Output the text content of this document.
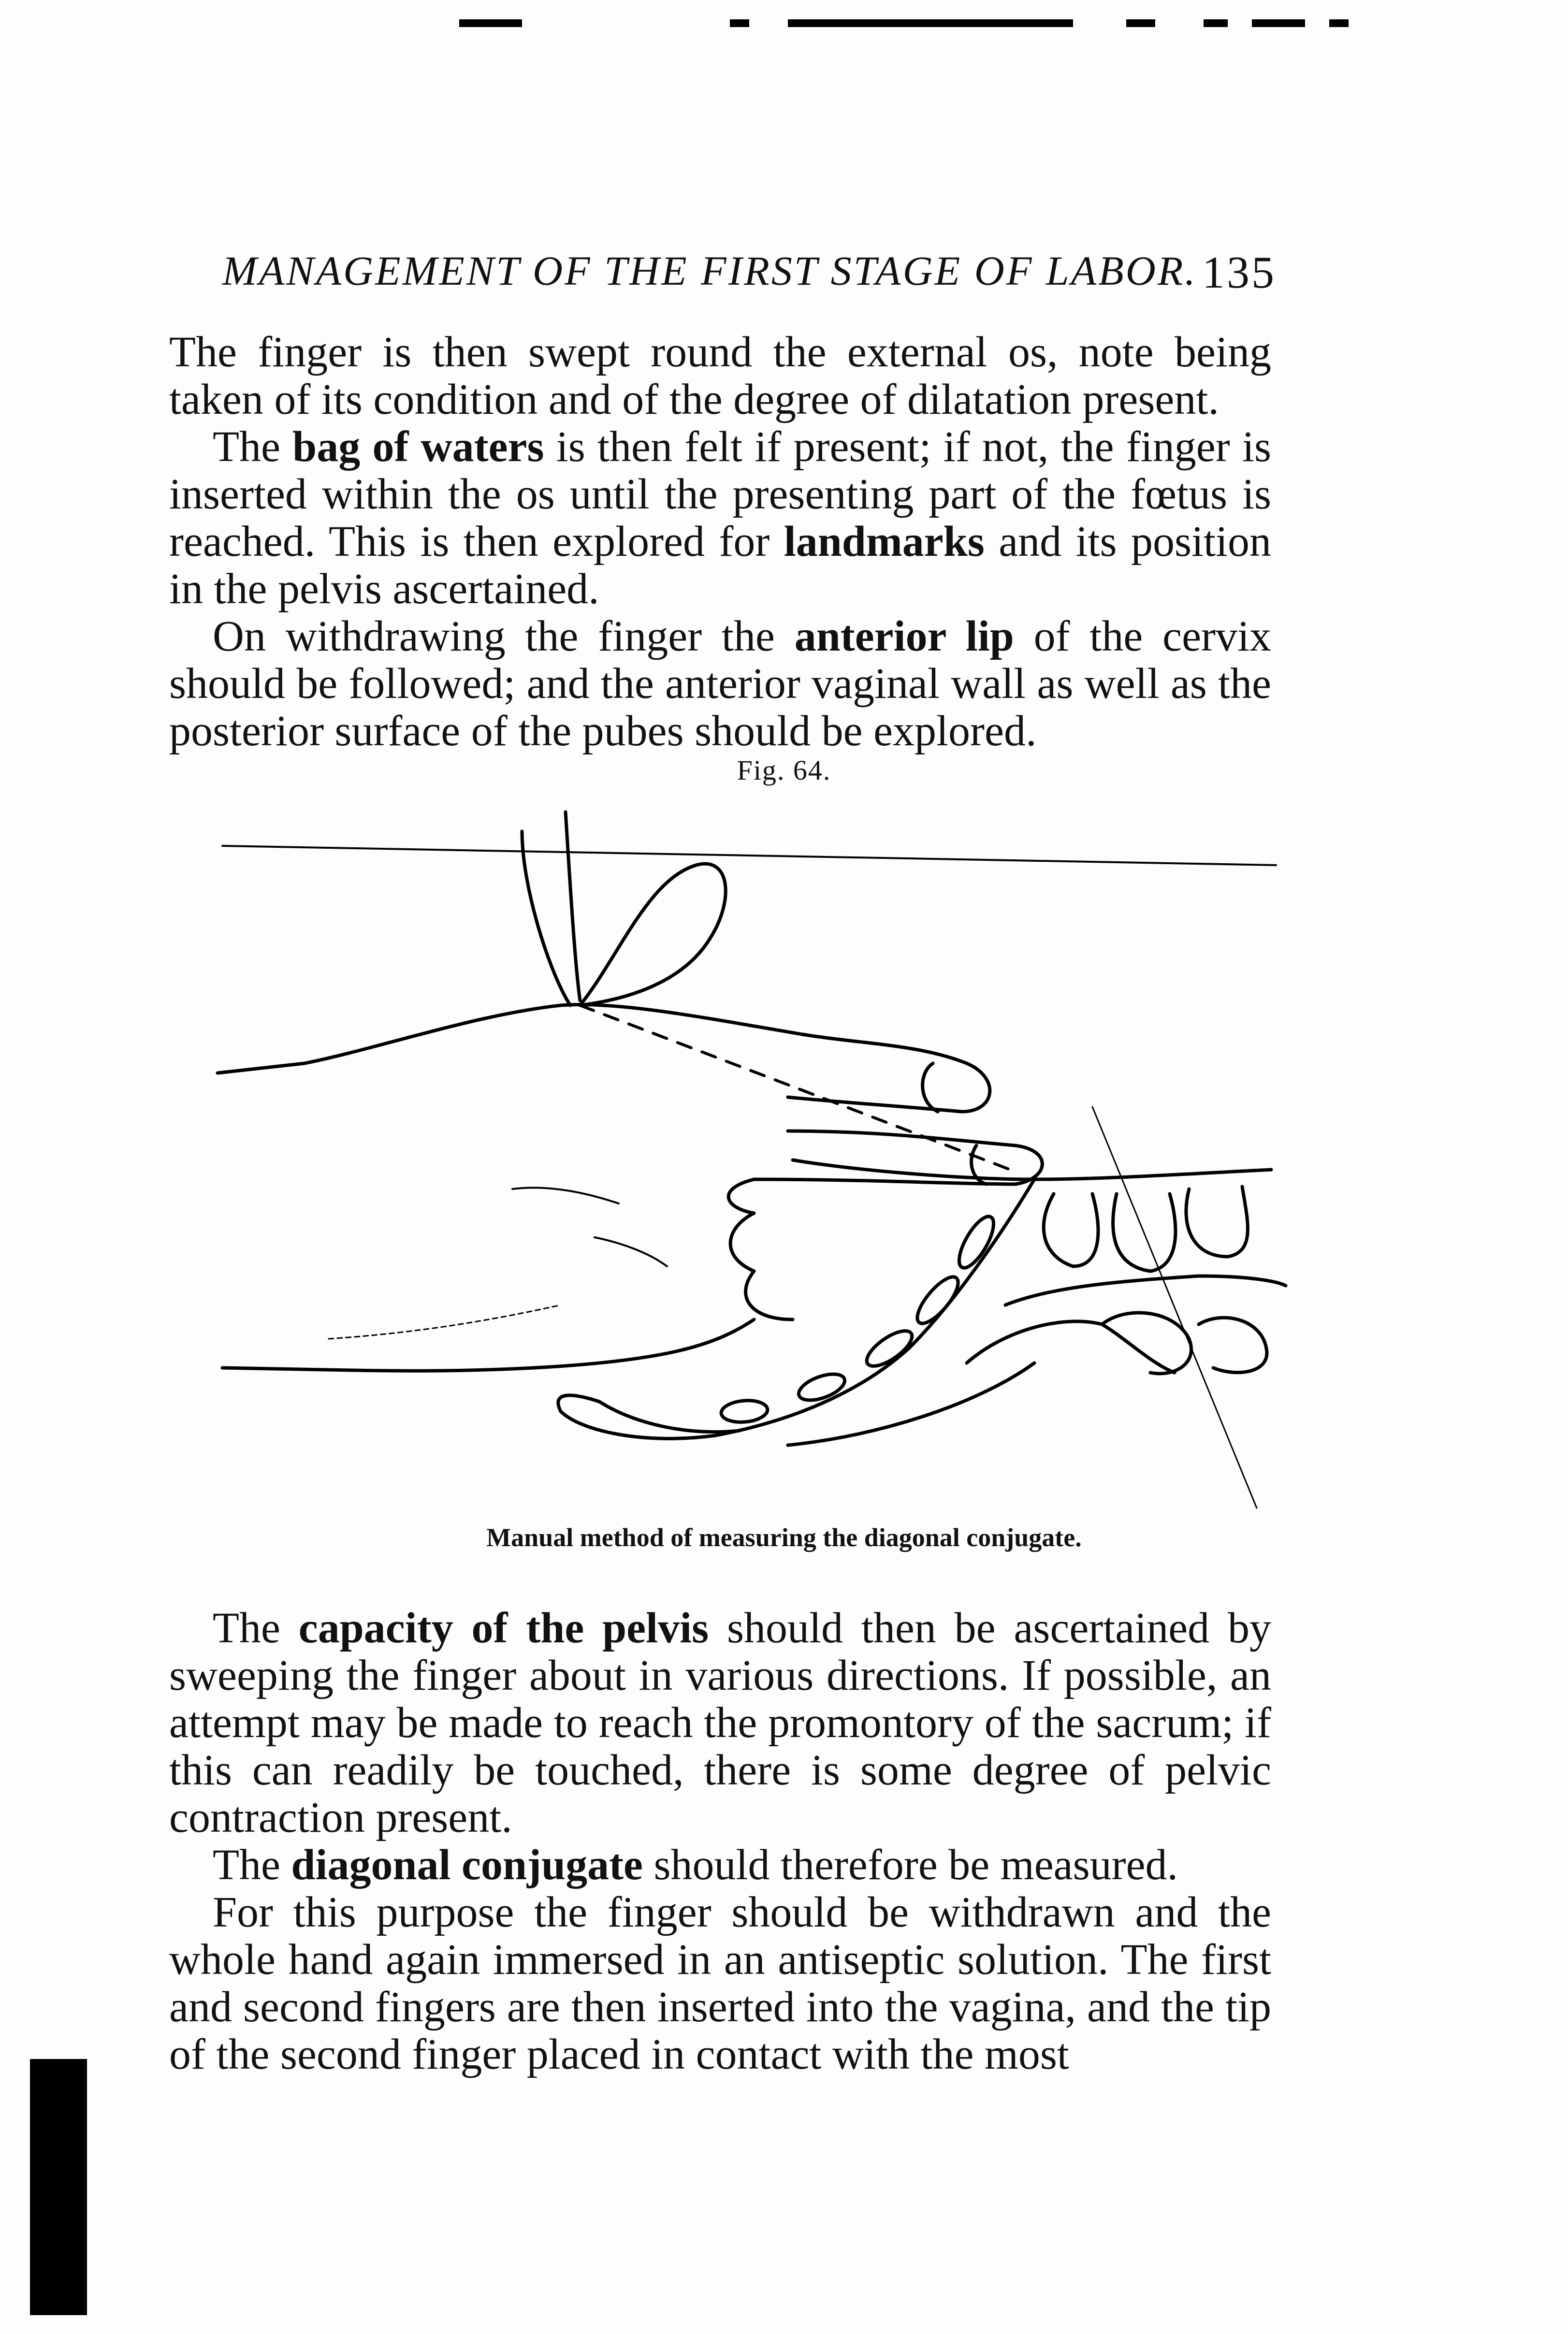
MANAGEMENT OF THE FIRST STAGE OF LABOR. 135

The finger is then swept round the external os, note being taken of its condition and of the degree of dilatation present.

The bag of waters is then felt if present; if not, the finger is inserted within the os until the presenting part of the fœtus is reached. This is then explored for landmarks and its position in the pelvis ascertained.

On withdrawing the finger the anterior lip of the cervix should be followed; and the anterior vaginal wall as well as the posterior surface of the pubes should be explored.

Fig. 64.
Manual method of measuring the diagonal conjugate.

The capacity of the pelvis should then be ascertained by sweeping the finger about in various directions. If possible, an attempt may be made to reach the promontory of the sacrum; if this can readily be touched, there is some degree of pelvic contraction present.

The diagonal conjugate should therefore be measured.

For this purpose the finger should be withdrawn and the whole hand again immersed in an antiseptic solution. The first and second fingers are then inserted into the vagina, and the tip of the second finger placed in contact with the most
